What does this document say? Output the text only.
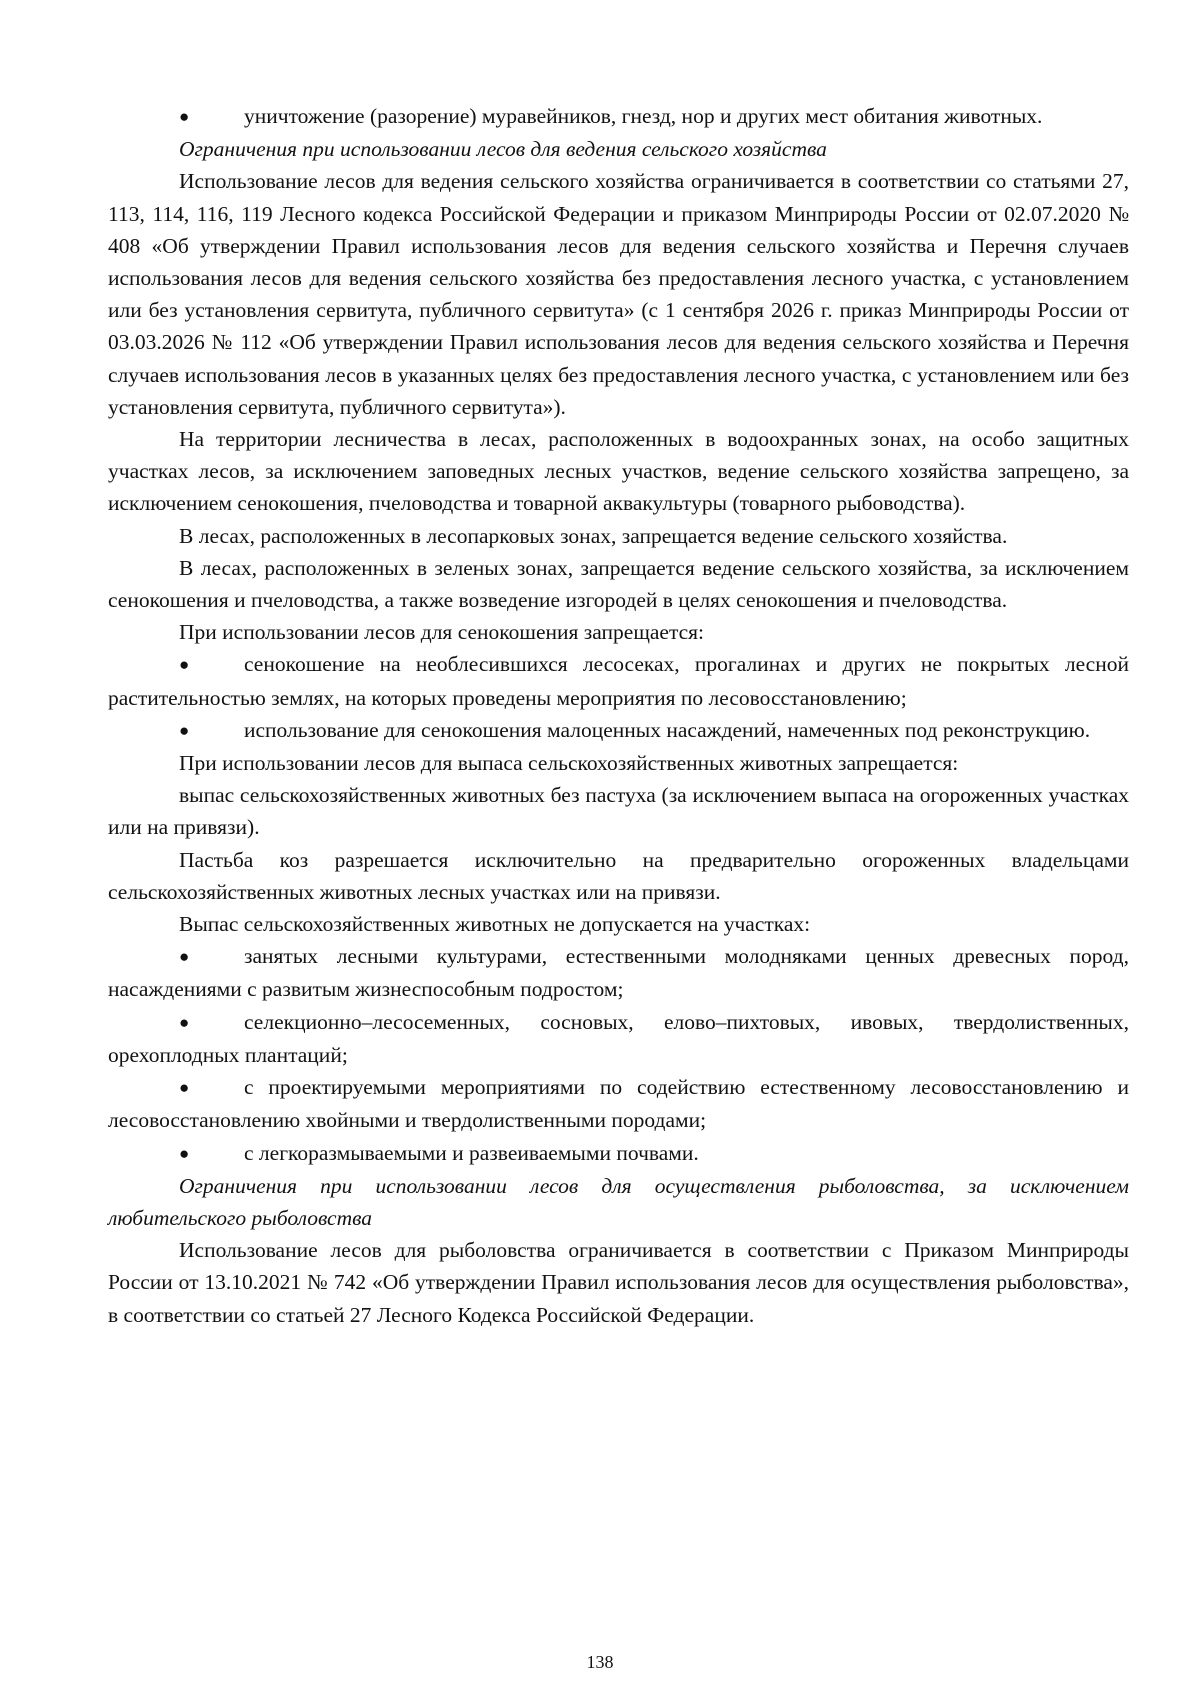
●	уничтожение (разорение) муравейников, гнезд, нор и других мест обитания животных.

Ограничения при использовании лесов для ведения сельского хозяйства

Использование лесов для ведения сельского хозяйства ограничивается в соответствии со статьями 27, 113, 114, 116, 119 Лесного кодекса Российской Федерации и приказом Минприроды России от 02.07.2020 № 408 «Об утверждении Правил использования лесов для ведения сельского хозяйства и Перечня случаев использования лесов для ведения сельского хозяйства без предоставления лесного участка, с установлением или без установления сервитута, публичного сервитута» (с 1 сентября 2026 г. приказ Минприроды России от 03.03.2026 № 112 «Об утверждении Правил использования лесов для ведения сельского хозяйства и Перечня случаев использования лесов в указанных целях без предоставления лесного участка, с установлением или без установления сервитута, публичного сервитута»).

На территории лесничества в лесах, расположенных в водоохранных зонах, на особо защитных участках лесов, за исключением заповедных лесных участков, ведение сельского хозяйства запрещено, за исключением сенокошения, пчеловодства и товарной аквакультуры (товарного рыбоводства).

В лесах, расположенных в лесопарковых зонах, запрещается ведение сельского хозяйства.

В лесах, расположенных в зеленых зонах, запрещается ведение сельского хозяйства, за исключением сенокошения и пчеловодства, а также возведение изгородей в целях сенокошения и пчеловодства.

При использовании лесов для сенокошения запрещается:

●	сенокошение на необлесившихся лесосеках, прогалинах и других не покрытых лесной растительностью землях, на которых проведены мероприятия по лесовосстановлению;

●	использование для сенокошения малоценных насаждений, намеченных под реконструкцию.

При использовании лесов для выпаса сельскохозяйственных животных запрещается:

выпас сельскохозяйственных животных без пастуха (за исключением выпаса на огороженных участках или на привязи).

Пастьба коз разрешается исключительно на предварительно огороженных владельцами сельскохозяйственных животных лесных участках или на привязи.

Выпас сельскохозяйственных животных не допускается на участках:

●	занятых лесными культурами, естественными молодняками ценных древесных пород, насаждениями с развитым жизнеспособным подростом;

●	селекционно–лесосеменных, сосновых, елово–пихтовых, ивовых, твердолиственных, орехоплодных плантаций;

●	с проектируемыми мероприятиями по содействию естественному лесовосстановлению и лесовосстановлению хвойными и твердолиственными породами;

●	с легкоразмываемыми и развеиваемыми почвами.

Ограничения при использовании лесов для осуществления рыболовства, за исключением любительского рыболовства

Использование лесов для рыболовства ограничивается в соответствии с Приказом Минприроды России от 13.10.2021 № 742 «Об утверждении Правил использования лесов для осуществления рыболовства», в соответствии со статьей 27 Лесного Кодекса Российской Федерации.

138
